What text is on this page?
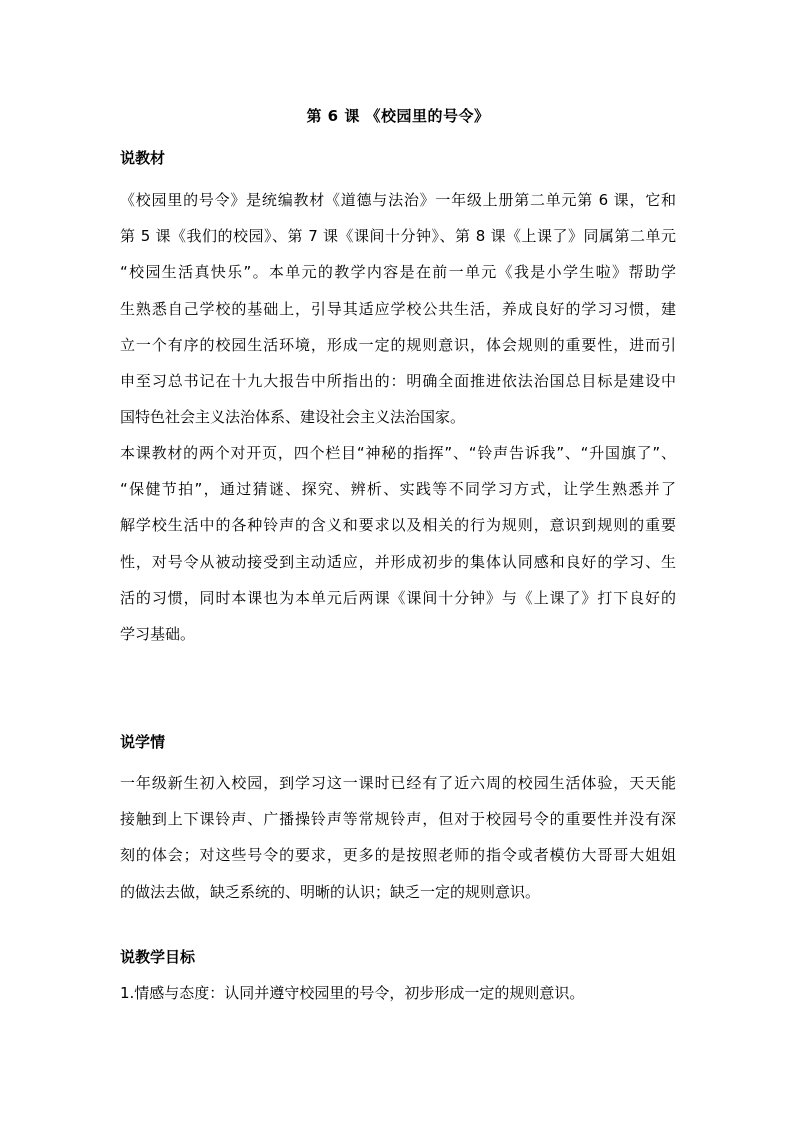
第 6 课 《校园里的号令》
说教材
《校园里的号令》是统编教材《道德与法治》一年级上册第二单元第 6 课，它和
第 5 课《我们的校园》、第 7 课《课间十分钟》、第 8 课《上课了》同属第二单元
“校园生活真快乐”。本单元的教学内容是在前一单元《我是小学生啦》帮助学
生熟悉自己学校的基础上，引导其适应学校公共生活，养成良好的学习习惯，建
立一个有序的校园生活环境，形成一定的规则意识，体会规则的重要性，进而引
申至习总书记在十九大报告中所指出的：明确全面推进依法治国总目标是建设中
国特色社会主义法治体系、建设社会主义法治国家。
本课教材的两个对开页，四个栏目“神秘的指挥”、“铃声告诉我”、“升国旗了”、
“保健节拍”，通过猜谜、探究、辨析、实践等不同学习方式，让学生熟悉并了
解学校生活中的各种铃声的含义和要求以及相关的行为规则，意识到规则的重要
性，对号令从被动接受到主动适应，并形成初步的集体认同感和良好的学习、生
活的习惯，同时本课也为本单元后两课《课间十分钟》与《上课了》打下良好的
学习基础。
说学情
一年级新生初入校园，到学习这一课时已经有了近六周的校园生活体验，天天能
接触到上下课铃声、广播操铃声等常规铃声，但对于校园号令的重要性并没有深
刻的体会；对这些号令的要求，更多的是按照老师的指令或者模仿大哥哥大姐姐
的做法去做，缺乏系统的、明晰的认识；缺乏一定的规则意识。
说教学目标
1.情感与态度：认同并遵守校园里的号令，初步形成一定的规则意识。
